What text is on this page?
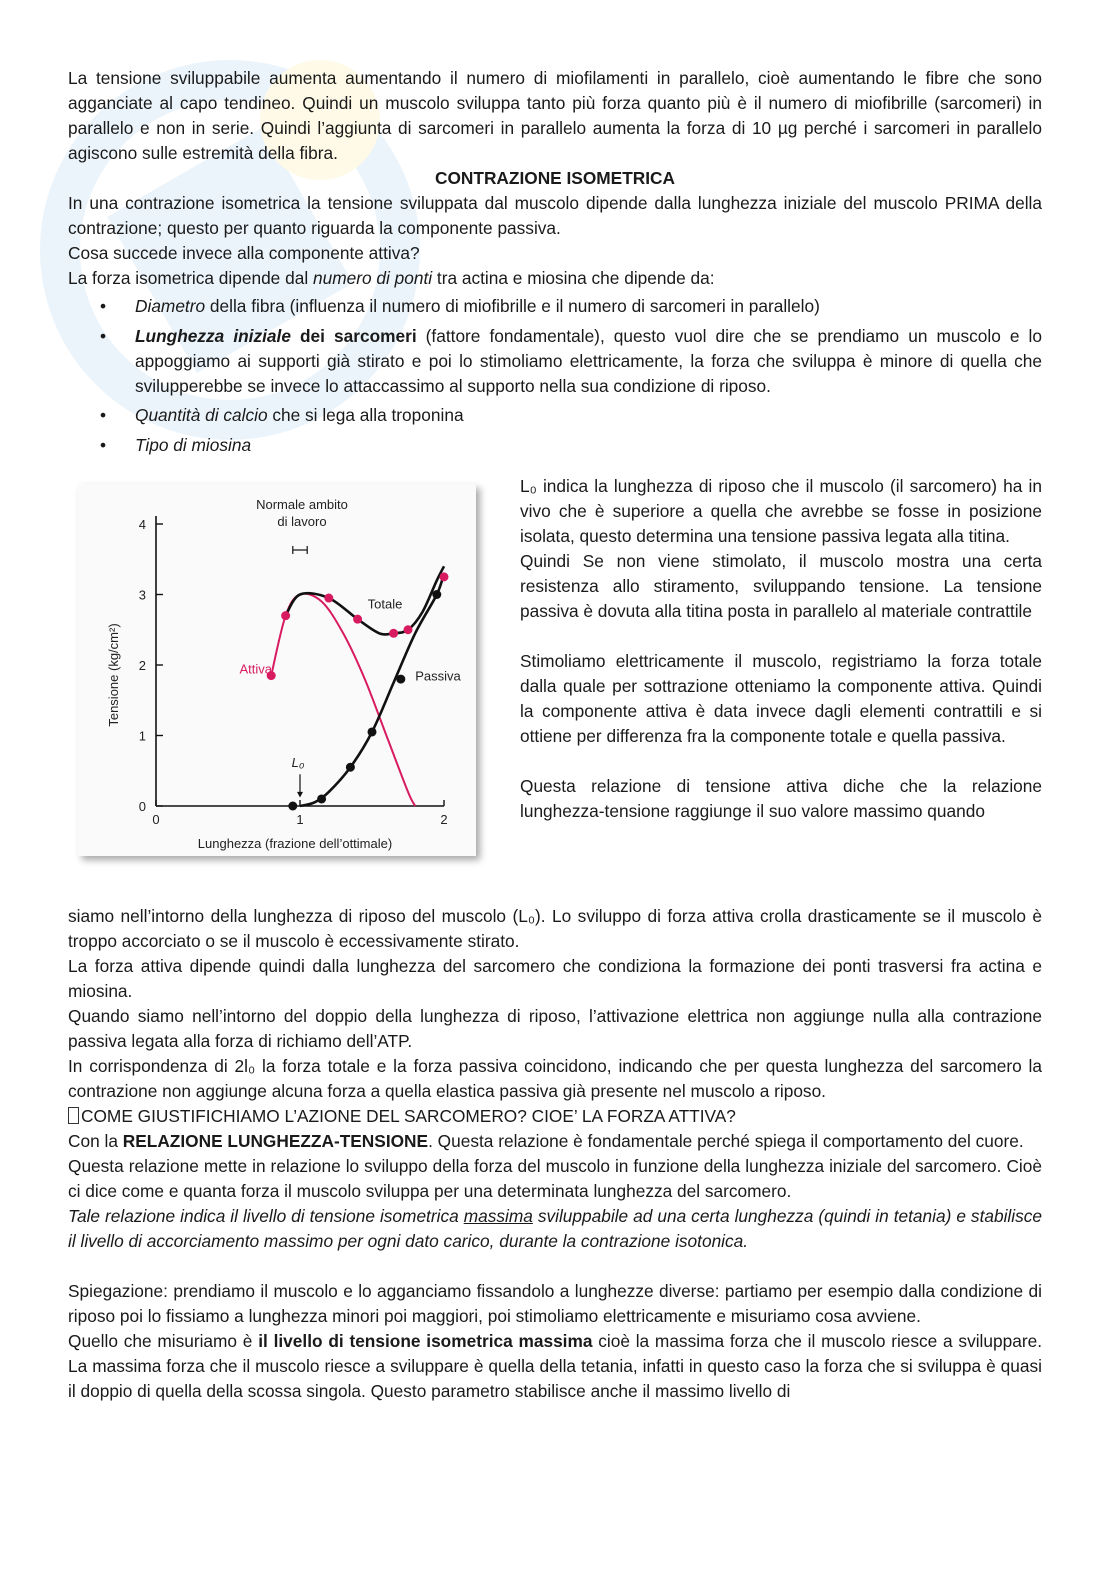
La tensione sviluppabile aumenta aumentando il numero di miofilamenti in parallelo, cioè aumentando le fibre che sono agganciate al capo tendineo. Quindi un muscolo sviluppa tanto più forza quanto più è il numero di miofibrille (sarcomeri) in parallelo e non in serie. Quindi l’aggiunta di sarcomeri in parallelo aumenta la forza di 10 µg perché i sarcomeri in parallelo agiscono sulle estremità della fibra.

CONTRAZIONE ISOMETRICA

In una contrazione isometrica la tensione sviluppata dal muscolo dipende dalla lunghezza iniziale del muscolo PRIMA della contrazione; questo per quanto riguarda la componente passiva.

Cosa succede invece alla componente attiva?

La forza isometrica dipende dal numero di ponti tra actina e miosina che dipende da:

• Diametro della fibra (influenza il numero di miofibrille e il numero di sarcomeri in parallelo)
• Lunghezza iniziale dei sarcomeri (fattore fondamentale), questo vuol dire che se prendiamo un muscolo e lo appoggiamo ai supporti già stirato e poi lo stimoliamo elettricamente, la forza che sviluppa è minore di quella che svilupperebbe se invece lo attaccassimo al supporto nella sua condizione di riposo.
• Quantità di calcio che si lega alla troponina
• Tipo di miosina
0
1
2
3
4
0	1	2
Lunghezza (frazione dell’ottimale)
Tensione (kg/cm²)
Normale ambito di lavoro
Attiva
Totale
Passiva
L₀

L₀ indica la lunghezza di riposo che il muscolo (il sarcomero) ha in vivo che è superiore a quella che avrebbe se fosse in posizione isolata, questo determina una tensione passiva legata alla titina.

Quindi Se non viene stimolato, il muscolo mostra una certa resistenza allo stiramento, sviluppando tensione. La tensione passiva è dovuta alla titina posta in parallelo al materiale contrattile

Stimoliamo elettricamente il muscolo, registriamo la forza totale dalla quale per sottrazione otteniamo la componente attiva. Quindi la componente attiva è data invece dagli elementi contrattili e si ottiene per differenza fra la componente totale e quella passiva.

Questa relazione di tensione attiva diche che la relazione lunghezza-tensione raggiunge il suo valore massimo quando

siamo nell’intorno della lunghezza di riposo del muscolo (L₀). Lo sviluppo di forza attiva crolla drasticamente se il muscolo è troppo accorciato o se il muscolo è eccessivamente stirato.

La forza attiva dipende quindi dalla lunghezza del sarcomero che condiziona la formazione dei ponti trasversi fra actina e miosina.

Quando siamo nell’intorno del doppio della lunghezza di riposo, l’attivazione elettrica non aggiunge nulla alla contrazione passiva legata alla forza di richiamo dell’ATP.

In corrispondenza di 2l₀ la forza totale e la forza passiva coincidono, indicando che per questa lunghezza del sarcomero la contrazione non aggiunge alcuna forza a quella elastica passiva già presente nel muscolo a riposo.

COME GIUSTIFICHIAMO L’AZIONE DEL SARCOMERO? CIOE’ LA FORZA ATTIVA?

Con la RELAZIONE LUNGHEZZA-TENSIONE. Questa relazione è fondamentale perché spiega il comportamento del cuore.

Questa relazione mette in relazione lo sviluppo della forza del muscolo in funzione della lunghezza iniziale del sarcomero. Cioè ci dice come e quanta forza il muscolo sviluppa per una determinata lunghezza del sarcomero.

Tale relazione indica il livello di tensione isometrica massima sviluppabile ad una certa lunghezza (quindi in tetania) e stabilisce il livello di accorciamento massimo per ogni dato carico, durante la contrazione isotonica.

Spiegazione: prendiamo il muscolo e lo agganciamo fissandolo a lunghezze diverse: partiamo per esempio dalla condizione di riposo poi lo fissiamo a lunghezza minori poi maggiori, poi stimoliamo elettricamente e misuriamo cosa avviene.

Quello che misuriamo è il livello di tensione isometrica massima cioè la massima forza che il muscolo riesce a sviluppare. La massima forza che il muscolo riesce a sviluppare è quella della tetania, infatti in questo caso la forza che si sviluppa è quasi il doppio di quella della scossa singola. Questo parametro stabilisce anche il massimo livello di
